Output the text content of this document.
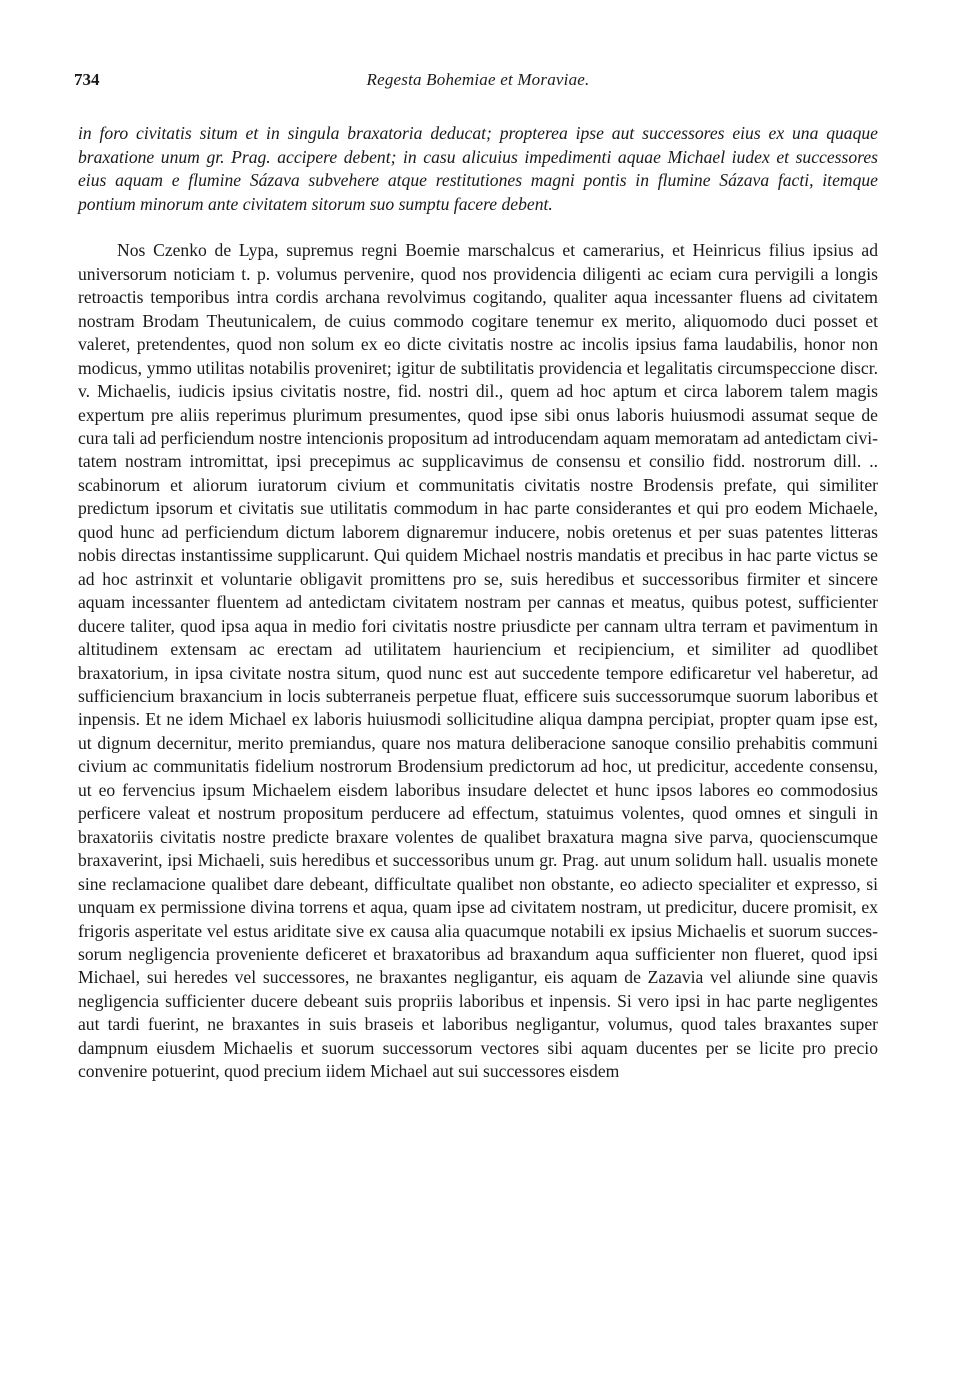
734	Regesta Bohemiae et Moraviae.

in foro civitatis situm et in singula braxatoria deducat; propterea ipse aut successores eius ex una quaque braxatione unum gr. Prag. accipere debent; in casu alicuius impedimenti aquae Michael iudex et successores eius aquam e flumine Sázava subvehere atque restitutiones magni pontis in flumine Sázava facti, itemque pontium minorum ante civitatem sitorum suo sumptu facere debent.

Nos Czenko de Lypa, supremus regni Boemie marschalcus et camerarius, et Heinricus filius ipsius ad universorum noticiam t. p. volumus pervenire, quod nos providencia diligenti ac eciam cura pervigili a longis retroactis temporibus intra cordis archana revolvimus cogitando, qualiter aqua incessanter fluens ad civitatem nostram Brodam Theutunicalem, de cuius commodo cogitare tenemur ex merito, aliquomodo duci posset et valeret, pretendentes, quod non solum ex eo dicte civitatis nostre ac incolis ipsius fama laudabilis, honor non modicus, ymmo utilitas notabilis proveniret; igitur de subtilitatis providencia et legalitatis circumspeccione discr. v. Michaelis, iudicis ipsius civitatis nostre, fid. nostri dil., quem ad hoc aptum et circa laborem talem magis expertum pre aliis reperimus plurimum presumentes, quod ipse sibi onus laboris huiusmodi assumat seque de cura tali ad perficiendum nostre intencionis propositum ad introducendam aquam memoratam ad antedictam civitatem nostram intromittat, ipsi precepimus ac supplicavimus de consensu et consilio fidd. nostrorum dill. .. scabinorum et aliorum iuratorum civium et communitatis civitatis nostre Brodensis prefate, qui similiter predictum ipsorum et civitatis sue utilitatis commodum in hac parte considerantes et qui pro eodem Michaele, quod hunc ad perficiendum dictum laborem dignaremur inducere, nobis oretenus et per suas patentes litteras nobis directas instantissime supplicarunt. Qui quidem Michael nostris mandatis et precibus in hac parte victus se ad hoc astrinxit et voluntarie obligavit promittens pro se, suis heredibus et successoribus firmiter et sincere aquam incessanter fluentem ad antedictam civitatem nostram per cannas et meatus, quibus potest, sufficienter ducere taliter, quod ipsa aqua in medio fori civitatis nostre priusdicte per cannam ultra terram et pavimentum in altitudinem extensam ac erectam ad utilitatem hauriencium et recipiencium, et similiter ad quodlibet braxatorium, in ipsa civitate nostra situm, quod nunc est aut succedente tempore edificaretur vel haberetur, ad sufficiencium braxancium in locis subterraneis perpetue fluat, efficere suis successorumque suorum laboribus et inpensis. Et ne idem Michael ex laboris huiusmodi sollicitudine aliqua dampna percipiat, propter quam ipse est, ut dignum decernitur, merito premiandus, quare nos matura deliberacione sanoque consilio prehabitis communi civium ac communitatis fidelium nostrorum Brodensium predictorum ad hoc, ut predicitur, accedente consensu, ut eo fervencius ipsum Michaelem eisdem laboribus insudare delectet et hunc ipsos labores eo commodosius perficere valeat et nostrum propositum perducere ad effectum, statuimus volentes, quod omnes et singuli in braxatoriis civitatis nostre predicte braxare volentes de qualibet braxatura magna sive parva, quocienscumque braxaverint, ipsi Michaeli, suis heredibus et successoribus unum gr. Prag. aut unum solidum hall. usualis monete sine reclamacione qualibet dare debeant, difficultate qualibet non obstante, eo adiecto specialiter et expresso, si unquam ex permissione divina torrens et aqua, quam ipse ad civitatem nostram, ut predicitur, ducere promisit, ex frigoris asperitate vel estus ariditate sive ex causa alia quacumque notabili ex ipsius Michaelis et suorum successorum negligencia proveniente deficeret et braxatoribus ad braxandum aqua sufficienter non flueret, quod ipsi Michael, sui heredes vel successores, ne braxantes negligantur, eis aquam de Zazavia vel aliunde sine quavis negligencia sufficienter ducere debeant suis propriis laboribus et inpensis. Si vero ipsi in hac parte negligentes aut tardi fuerint, ne braxantes in suis braseis et laboribus negligantur, volumus, quod tales braxantes super dampnum eiusdem Michaelis et suorum successorum vectores sibi aquam ducentes per se licite pro precio convenire potuerint, quod precium iidem Michael aut sui successores eisdem
